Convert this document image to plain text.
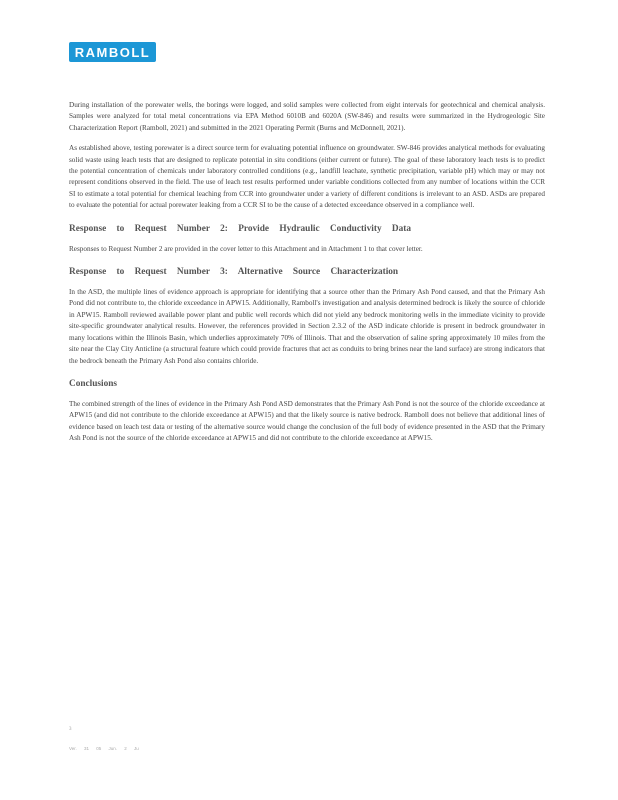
RAMBOLL

During installation of the porewater wells, the borings were logged, and solid samples were collected from eight intervals for geotechnical and chemical analysis. Samples were analyzed for total metal concentrations via EPA Method 6010B and 6020A (SW-846) and results were summarized in the Hydrogeologic Site Characterization Report (Ramboll, 2021) and submitted in the 2021 Operating Permit (Burns and McDonnell, 2021).

As established above, testing porewater is a direct source term for evaluating potential influence on groundwater. SW-846 provides analytical methods for evaluating solid waste using leach tests that are designed to replicate potential in situ conditions (either current or future). The goal of these laboratory leach tests is to predict the potential concentration of chemicals under laboratory controlled conditions (e.g., landfill leachate, synthetic precipitation, variable pH) which may or may not represent conditions observed in the field. The use of leach test results performed under variable conditions collected from any number of locations within the CCR SI to estimate a total potential for chemical leaching from CCR into groundwater under a variety of different conditions is irrelevant to an ASD. ASDs are prepared to evaluate the potential for actual porewater leaking from a CCR SI to be the cause of a detected exceedance observed in a compliance well.

Response to Request Number 2: Provide Hydraulic Conductivity Data

Responses to Request Number 2 are provided in the cover letter to this Attachment and in Attachment 1 to that cover letter.

Response to Request Number 3: Alternative Source Characterization

In the ASD, the multiple lines of evidence approach is appropriate for identifying that a source other than the Primary Ash Pond caused, and that the Primary Ash Pond did not contribute to, the chloride exceedance in APW15. Additionally, Ramboll's investigation and analysis determined bedrock is likely the source of chloride in APW15. Ramboll reviewed available power plant and public well records which did not yield any bedrock monitoring wells in the immediate vicinity to provide site-specific groundwater analytical results. However, the references provided in Section 2.3.2 of the ASD indicate chloride is present in bedrock groundwater in many locations within the Illinois Basin, which underlies approximately 70% of Illinois. That and the observation of saline spring approximately 10 miles from the site near the Clay City Anticline (a structural feature which could provide fractures that act as conduits to bring brines near the land surface) are strong indicators that the bedrock beneath the Primary Ash Pond also contains chloride.

Conclusions

The combined strength of the lines of evidence in the Primary Ash Pond ASD demonstrates that the Primary Ash Pond is not the source of the chloride exceedance at APW15 (and did not contribute to the chloride exceedance at APW15) and that the likely source is native bedrock. Ramboll does not believe that additional lines of evidence based on leach test data or testing of the alternative source would change the conclusion of the full body of evidence presented in the ASD that the Primary Ash Pond is not the source of the chloride exceedance at APW15 and did not contribute to the chloride exceedance at APW15.

3
Ver. 31 05 Jun. 2 Ju
